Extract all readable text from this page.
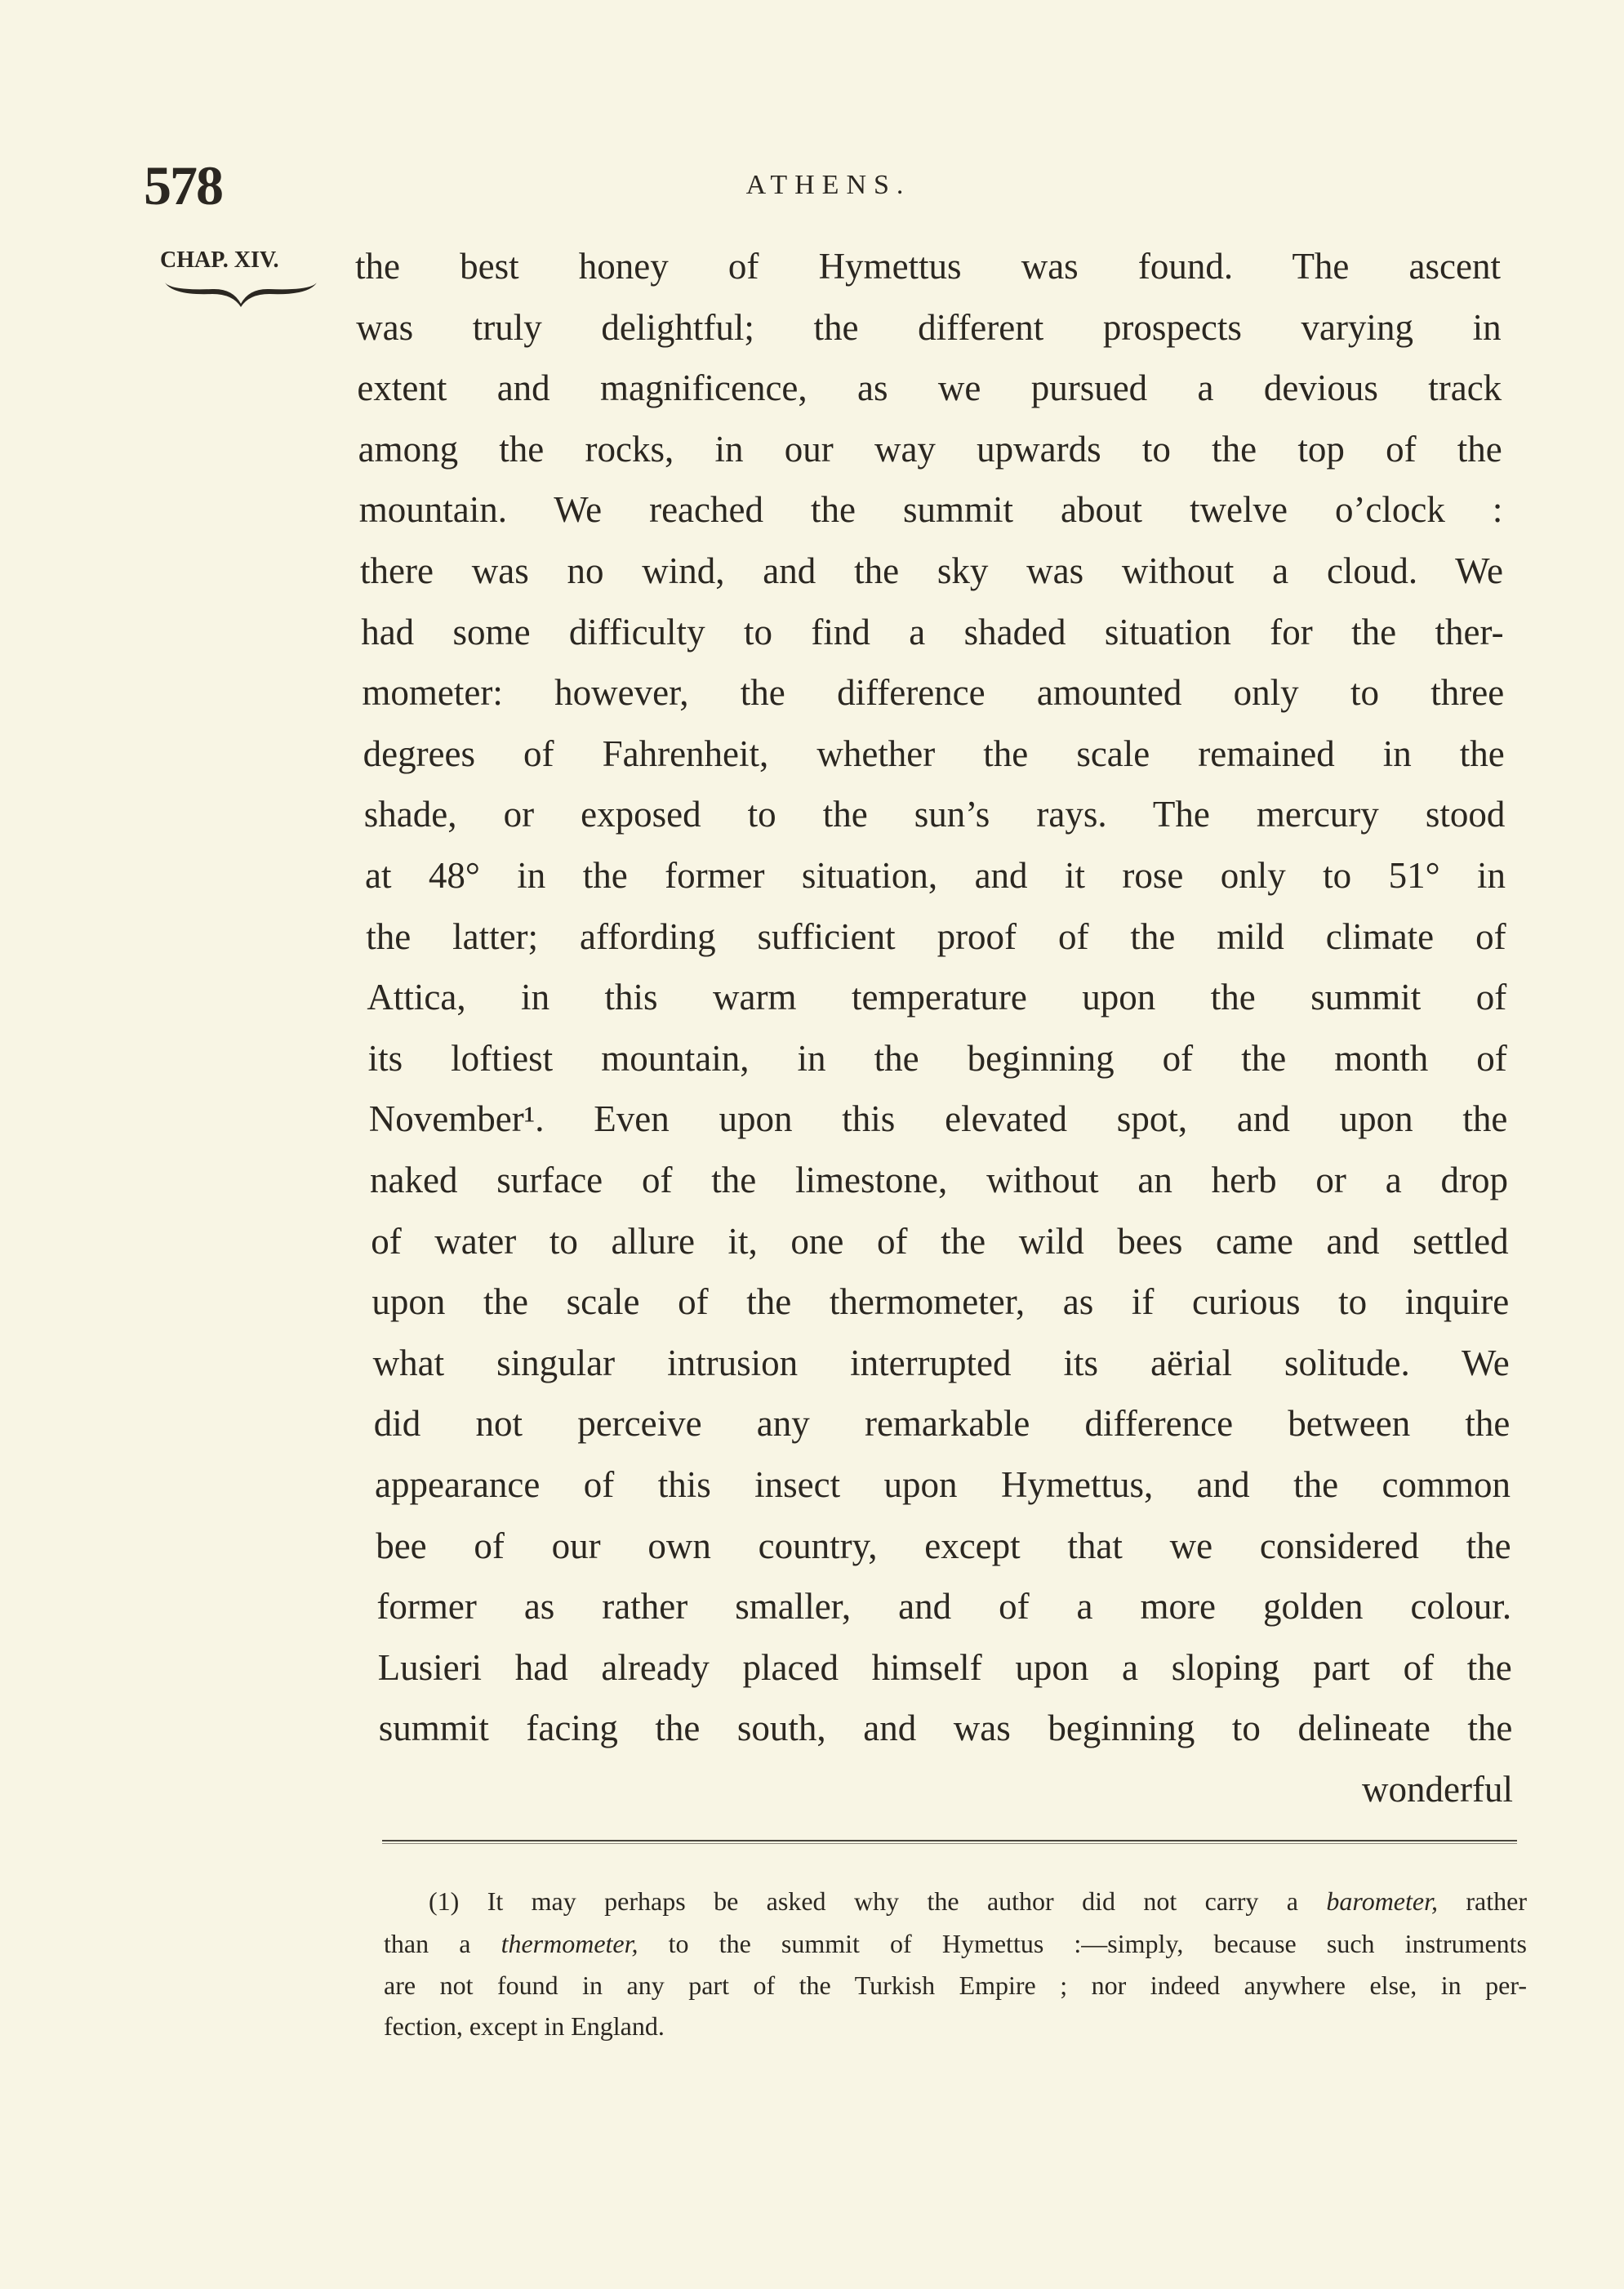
578	ATHENS.
CHAP. XIV. the best honey of Hymettus was found. The ascent
was truly delightful; the different prospects varying in
extent and magnificence, as we pursued a devious track
among the rocks, in our way upwards to the top of the
mountain. We reached the summit about twelve o’clock :
there was no wind, and the sky was without a cloud. We
had some difficulty to find a shaded situation for the ther-
mometer: however, the difference amounted only to three
degrees of Fahrenheit, whether the scale remained in the
shade, or exposed to the sun’s rays. The mercury stood
at 48° in the former situation, and it rose only to 51° in
the latter; affording sufficient proof of the mild climate of
Attica, in this warm temperature upon the summit of
its loftiest mountain, in the beginning of the month of
November¹. Even upon this elevated spot, and upon the
naked surface of the limestone, without an herb or a drop
of water to allure it, one of the wild bees came and settled
upon the scale of the thermometer, as if curious to inquire
what singular intrusion interrupted its aërial solitude. We
did not perceive any remarkable difference between the
appearance of this insect upon Hymettus, and the common
bee of our own country, except that we considered the
former as rather smaller, and of a more golden colour.
Lusieri had already placed himself upon a sloping part of the
summit facing the south, and was beginning to delineate the
wonderful
(1) It may perhaps be asked why the author did not carry a barometer, rather
than a thermometer, to the summit of Hymettus :—simply, because such instruments
are not found in any part of the Turkish Empire ; nor indeed anywhere else, in per-
fection, except in England.
